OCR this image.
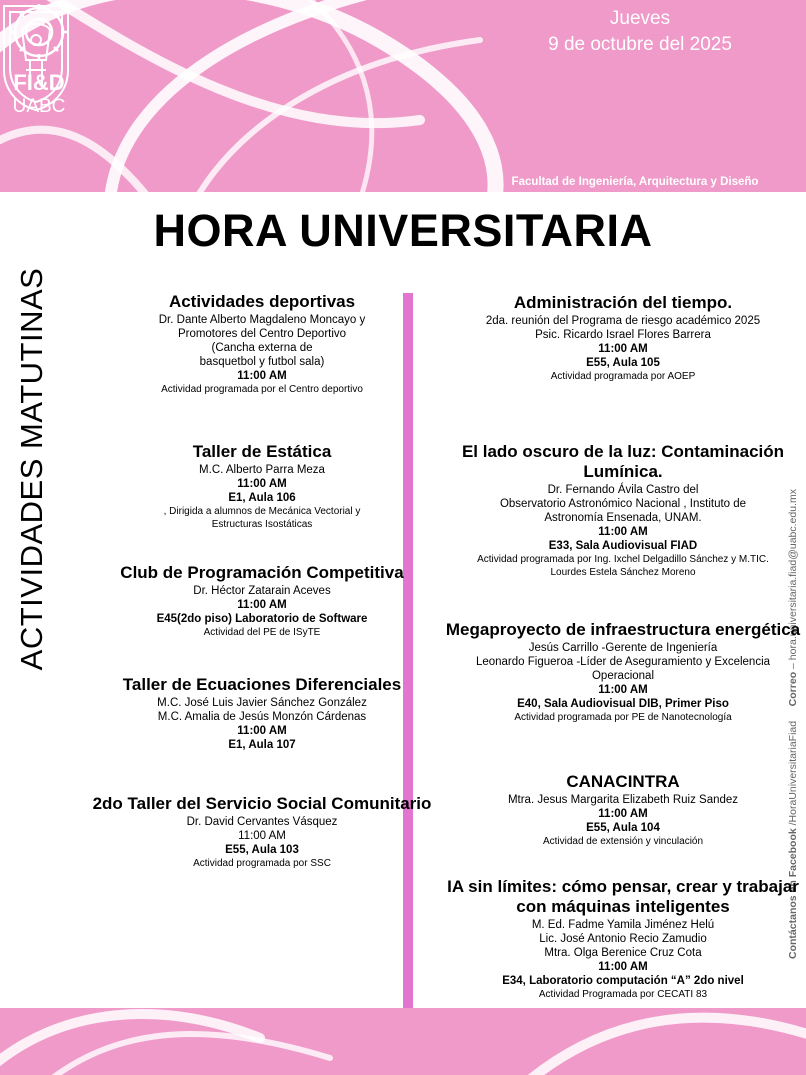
Jueves
9 de octubre del 2025
FI&D
UABC
Facultad de Ingeniería, Arquitectura y Diseño
HORA UNIVERSITARIA
ACTIVIDADES MATUTINAS
Contáctanos en Facebook /HoraUniversitariaFiad     Correo – hora.universitaria.fiad@uabc.edu.mx
Actividades deportivas
Dr. Dante Alberto Magdaleno Moncayo y
Promotores del Centro Deportivo
(Cancha externa de
basquetbol y futbol sala)
11:00 AM
Actividad programada por el Centro deportivo
Taller de Estática
M.C. Alberto Parra Meza
11:00 AM
E1, Aula 106
, Dirigida a alumnos de Mecánica Vectorial y
Estructuras Isostáticas
Club de Programación Competitiva
Dr. Héctor Zatarain Aceves
11:00 AM
E45(2do piso) Laboratorio de Software
Actividad del PE de ISyTE
Taller de Ecuaciones Diferenciales
M.C. José Luis Javier Sánchez González
M.C. Amalia de Jesús Monzón Cárdenas
11:00 AM
E1, Aula 107
2do Taller del Servicio Social Comunitario
Dr. David Cervantes Vásquez
11:00 AM
E55, Aula 103
Actividad programada por SSC
Administración del tiempo.
2da. reunión del Programa de riesgo académico 2025
Psic. Ricardo Israel Flores Barrera
11:00 AM
E55, Aula 105
Actividad programada por AOEP
El lado oscuro de la luz: Contaminación Lumínica.
Dr. Fernando Ávila Castro del
Observatorio Astronómico Nacional , Instituto de
Astronomía Ensenada, UNAM.
11:00 AM
E33, Sala Audiovisual FIAD
Actividad programada por Ing. Ixchel Delgadillo Sánchez y M.TIC.
Lourdes Estela Sánchez Moreno
Megaproyecto de infraestructura energética
Jesús Carrillo -Gerente de Ingeniería
Leonardo Figueroa -Líder de Aseguramiento y Excelencia
Operacional
11:00 AM
E40, Sala Audiovisual DIB, Primer Piso
Actividad programada por PE de Nanotecnología
CANACINTRA
Mtra. Jesus Margarita Elizabeth Ruiz Sandez
11:00 AM
E55, Aula 104
Actividad de extensión y vinculación
IA sin límites: cómo pensar, crear y trabajar con máquinas inteligentes
M. Ed. Fadme Yamila Jiménez Helú
Lic. José Antonio Recio Zamudio
Mtra. Olga Berenice Cruz Cota
11:00 AM
E34, Laboratorio computación “A” 2do nivel
Actividad Programada por CECATI 83
